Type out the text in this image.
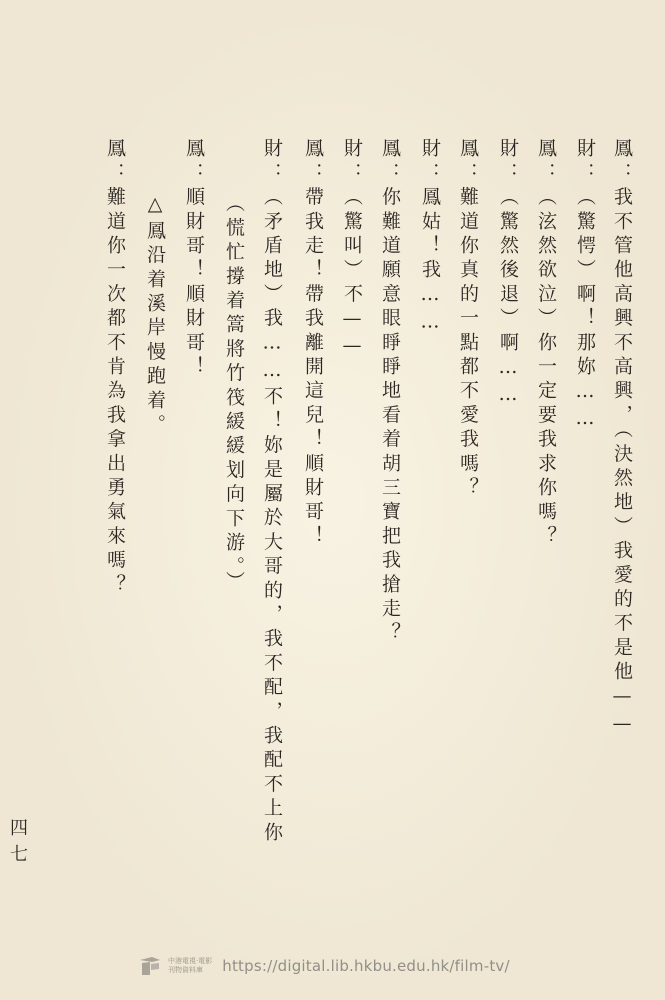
鳳：我不管他高興不高興，（決然地）我愛的不是他——
財：（驚愕）啊！那妳……
鳳：（泫然欲泣）你一定要我求你嗎？
財：（驚然後退）啊……
鳳：難道你真的一點都不愛我嗎？
財：鳳姑！我……
鳳：你難道願意眼睜睜地看着胡三寶把我搶走？
財：（驚叫）不——
鳳：帶我走！帶我離開這兒！順財哥！
財：（矛盾地）我……不！妳是屬於大哥的，我不配，我配不上你
（慌忙撐着篙將竹筏緩緩划向下游。）
鳳：順財哥！順財哥！
△鳳沿着溪岸慢跑着。
鳳：難道你一次都不肯為我拿出勇氣來嗎？
四七
中港電視·電影
刊物資料庫	https://digital.lib.hkbu.edu.hk/film-tv/
